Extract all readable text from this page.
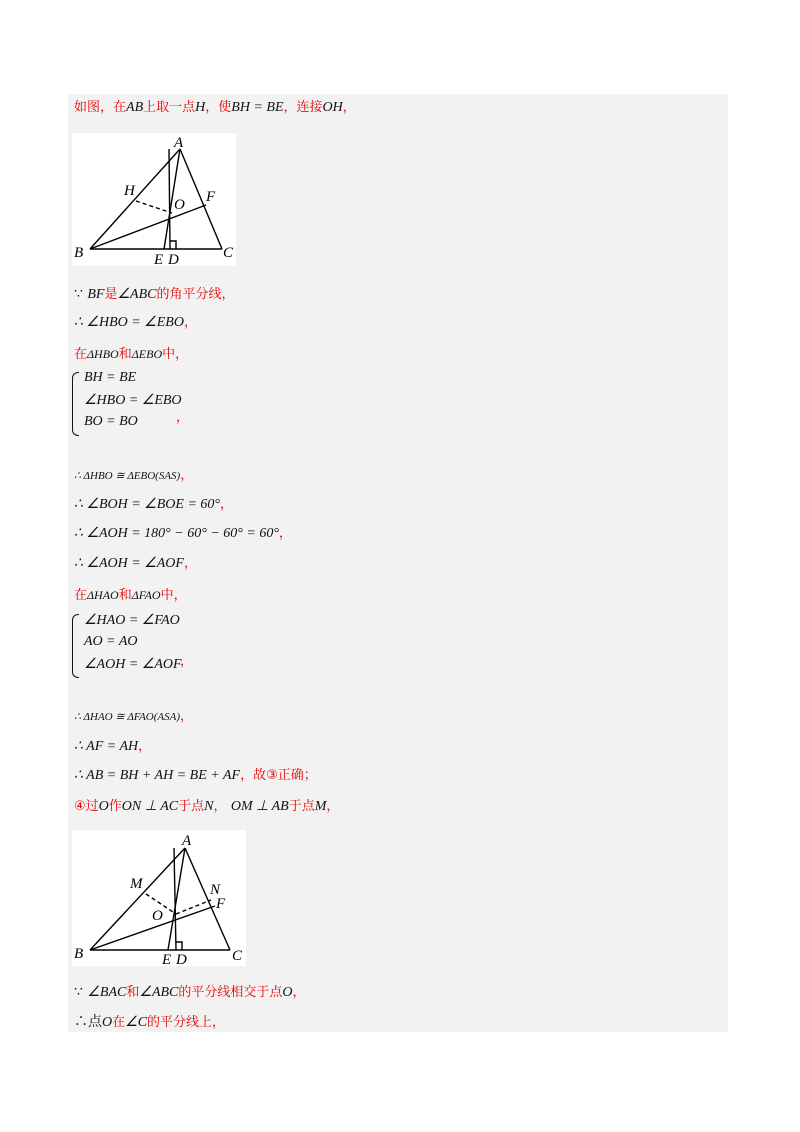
如图，在AB上取一点H，使BH = BE，连接OH，
A
B	C
H
O F
E D
∵ BF是∠ABC的角平分线，
∴ ∠HBO = ∠EBO，
在ΔHBO和ΔEBO中，
BH = BE
∠HBO = ∠EBO
BO = BO	，
∴ ΔHBO ≅ ΔEBO(SAS)，
∴ ∠BOH = ∠BOE = 60°，
∴ ∠AOH = 180° − 60° − 60° = 60°，
∴ ∠AOH = ∠AOF，
在ΔHAO和ΔFAO中，
∠HAO = ∠FAO
AO = AO
∠AOH = ∠AOF
，
∴ ΔHAO ≅ ΔFAO(ASA)，
∴ AF = AH，
∴ AB = BH + AH = BE + AF，故③正确；
④过O作ON ⊥ AC于点N， OM ⊥ AB于点M，
A
B	C
M	N
O
F
E D
∵ ∠BAC和∠ABC的平分线相交于点O，
∴点O在∠C的平分线上，
